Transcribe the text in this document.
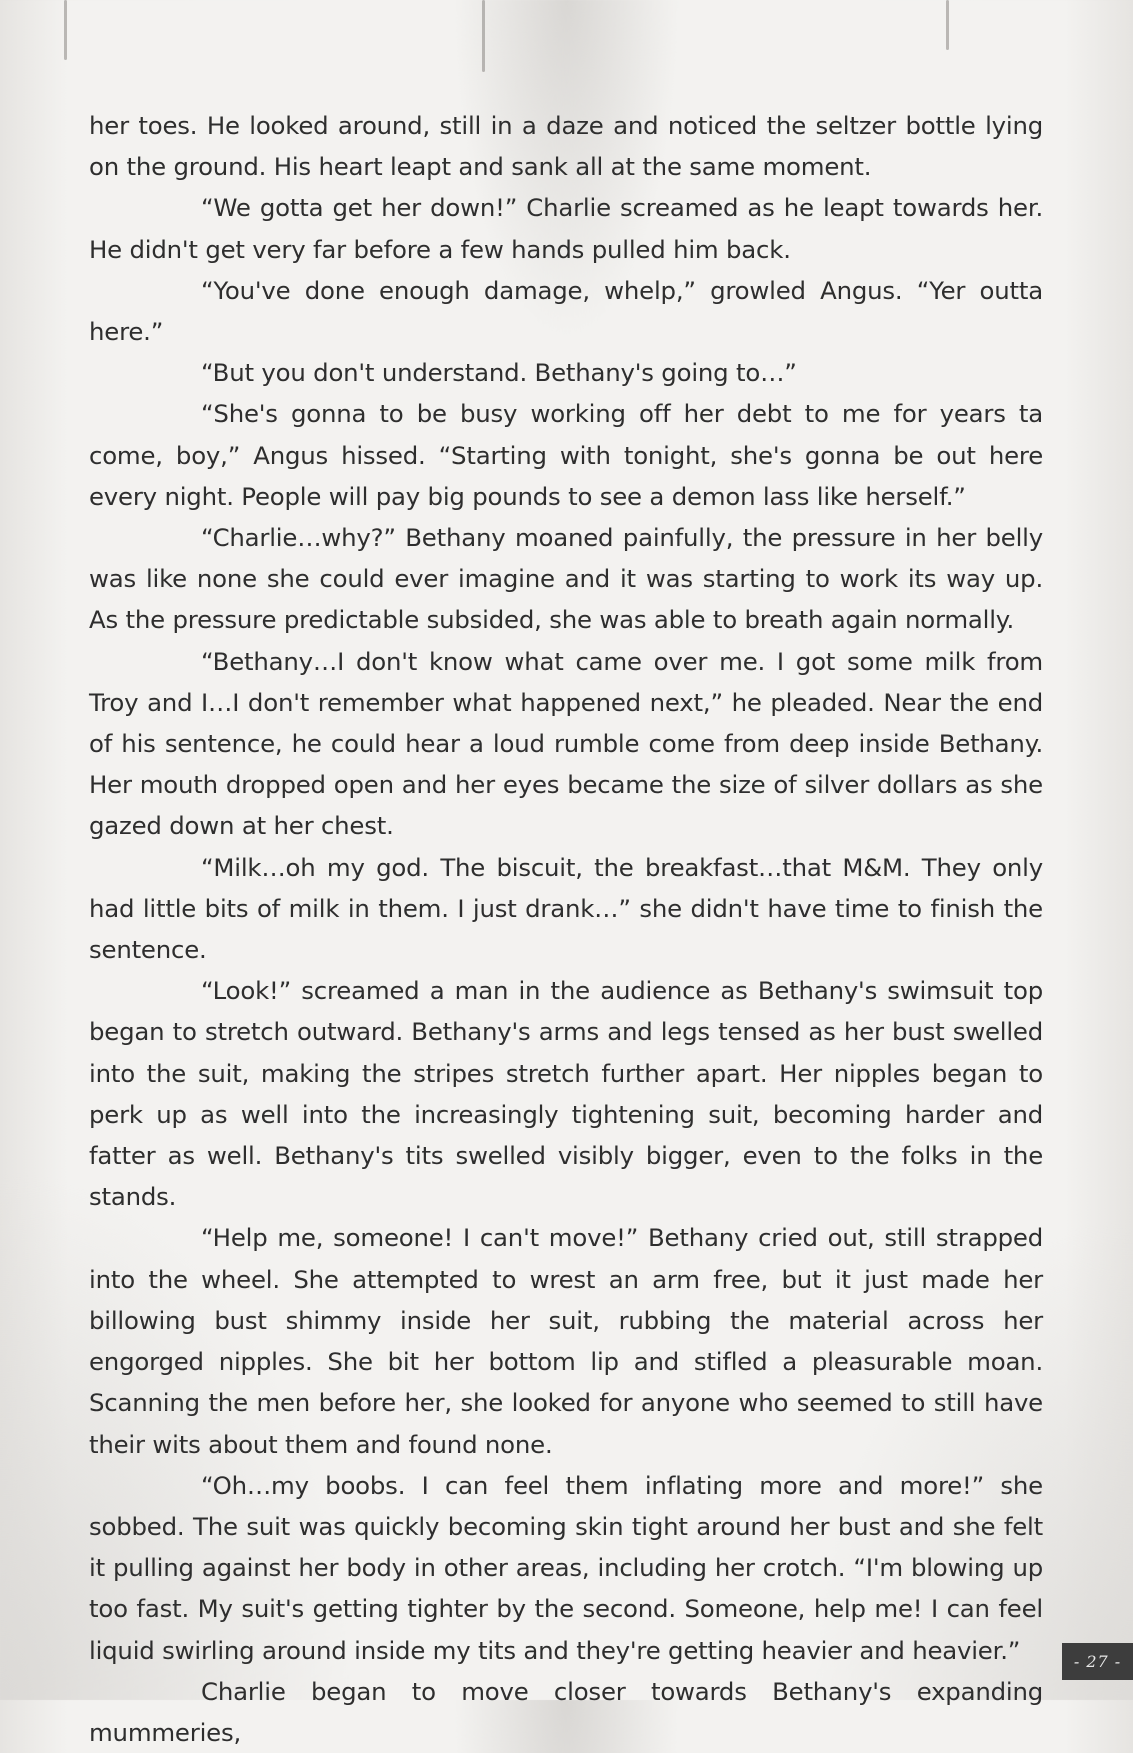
her toes. He looked around, still in a daze and noticed the seltzer bottle lying on the ground. His heart leapt and sank all at the same moment.

“We gotta get her down!” Charlie screamed as he leapt towards her. He didn't get very far before a few hands pulled him back.

“You've done enough damage, whelp,” growled Angus. “Yer outta here.”

“But you don't understand. Bethany's going to…”

“She's gonna to be busy working off her debt to me for years ta come, boy,” Angus hissed. “Starting with tonight, she's gonna be out here every night. People will pay big pounds to see a demon lass like herself.”

“Charlie…why?” Bethany moaned painfully, the pressure in her belly was like none she could ever imagine and it was starting to work its way up. As the pressure predictable subsided, she was able to breath again normally.

“Bethany…I don't know what came over me. I got some milk from Troy and I…I don't remember what happened next,” he pleaded. Near the end of his sentence, he could hear a loud rumble come from deep inside Bethany. Her mouth dropped open and her eyes became the size of silver dollars as she gazed down at her chest.

“Milk…oh my god. The biscuit, the breakfast…that M&M. They only had little bits of milk in them. I just drank…” she didn't have time to finish the sentence.

“Look!” screamed a man in the audience as Bethany's swimsuit top began to stretch outward. Bethany's arms and legs tensed as her bust swelled into the suit, making the stripes stretch further apart. Her nipples began to perk up as well into the increasingly tightening suit, becoming harder and fatter as well. Bethany's tits swelled visibly bigger, even to the folks in the stands.

“Help me, someone! I can't move!” Bethany cried out, still strapped into the wheel. She attempted to wrest an arm free, but it just made her billowing bust shimmy inside her suit, rubbing the material across her engorged nipples. She bit her bottom lip and stifled a pleasurable moan. Scanning the men before her, she looked for anyone who seemed to still have their wits about them and found none.

“Oh…my boobs. I can feel them inflating more and more!” she sobbed. The suit was quickly becoming skin tight around her bust and she felt it pulling against her body in other areas, including her crotch. “I'm blowing up too fast. My suit's getting tighter by the second. Someone, help me! I can feel liquid swirling around inside my tits and they're getting heavier and heavier.”

Charlie began to move closer towards Bethany's expanding mummeries,

- 27 -
